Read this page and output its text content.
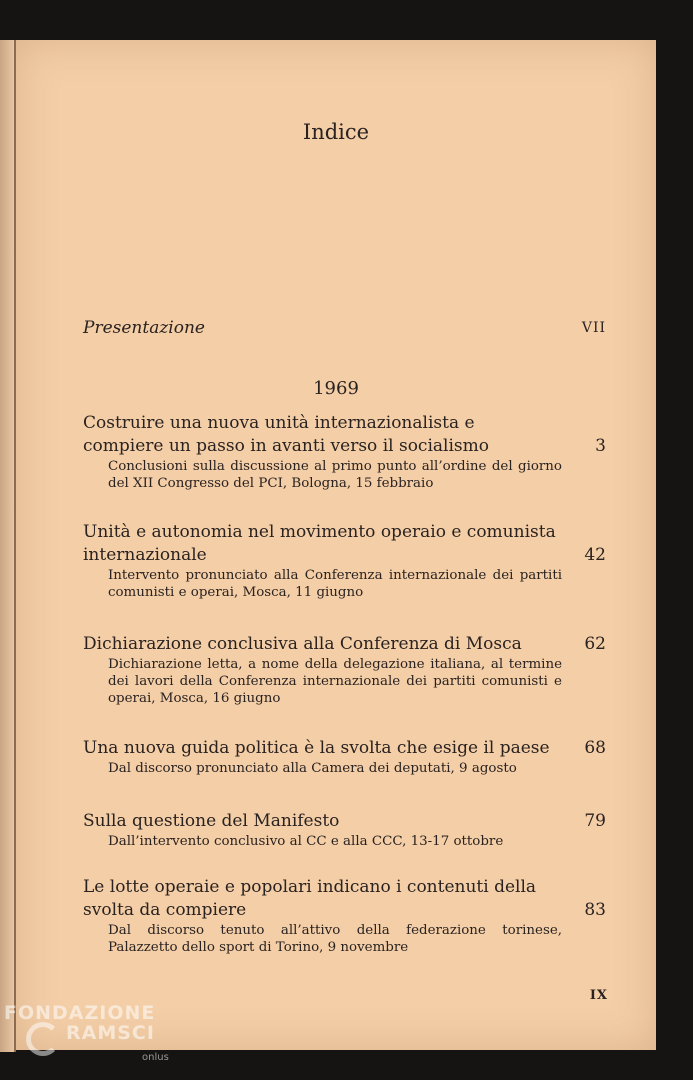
Indice
Presentazione	VII
1969
Costruire una nuova unità internazionalista e compiere un passo in avanti verso il socialismo	3
Conclusioni sulla discussione al primo punto all’ordine del giorno del XII Congresso del PCI, Bologna, 15 febbraio
Unità e autonomia nel movimento operaio e comunista internazionale	42
Intervento pronunciato alla Conferenza internazionale dei partiti comunisti e operai, Mosca, 11 giugno
Dichiarazione conclusiva alla Conferenza di Mosca	62
Dichiarazione letta, a nome della delegazione italiana, al termine dei lavori della Conferenza internazionale dei partiti comunisti e operai, Mosca, 16 giugno
Una nuova guida politica è la svolta che esige il paese	68
Dal discorso pronunciato alla Camera dei deputati, 9 agosto
Sulla questione del Manifesto	79
Dall’intervento conclusivo al CC e alla CCC, 13-17 ottobre
Le lotte operaie e popolari indicano i contenuti della svolta da compiere	83
Dal discorso tenuto all’attivo della federazione torinese, Palazzetto dello sport di Torino, 9 novembre
IX
FONDAZIONE
RAMSCI
onlus
